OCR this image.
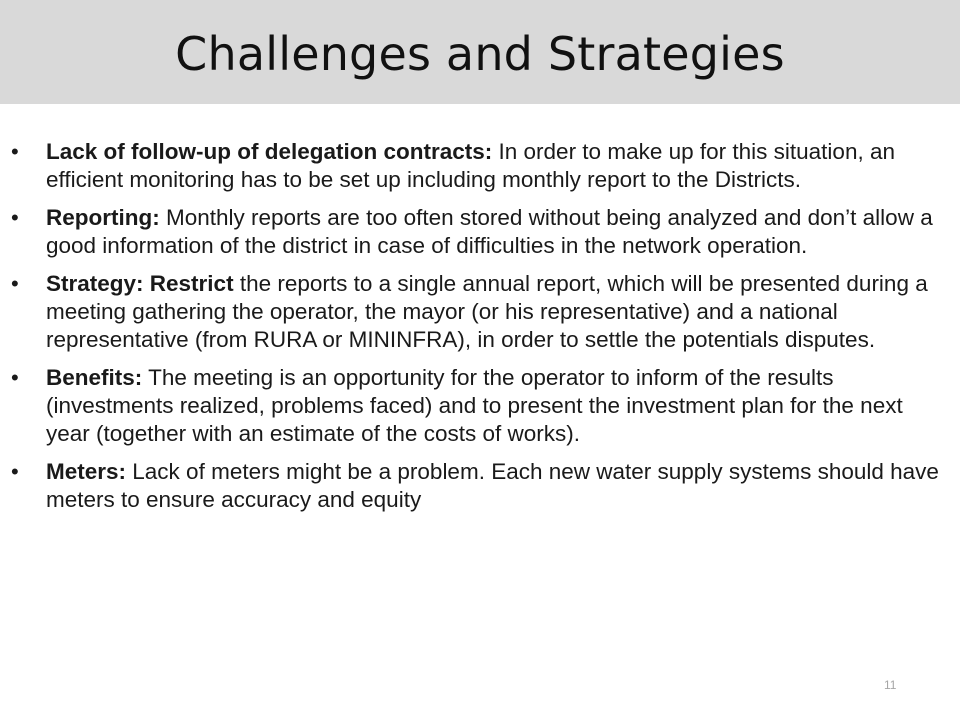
Challenges and Strategies
• Lack of follow-up of delegation contracts: In order to make up for this situation, an efficient monitoring has to be set up including monthly report to the Districts.
• Reporting: Monthly reports are too often stored without being analyzed and don’t allow a good information of the district in case of difficulties in the network operation.
• Strategy: Restrict the reports to a single annual report, which will be presented during a meeting gathering the operator, the mayor (or his representative) and a national representative (from RURA or MININFRA), in order to settle the potentials disputes.
• Benefits: The meeting is an opportunity for the operator to inform of the results (investments realized, problems faced) and to present the investment plan for the next year (together with an estimate of the costs of works).
• Meters: Lack of meters might be a problem. Each new water supply systems should have meters to ensure accuracy and equity
11
